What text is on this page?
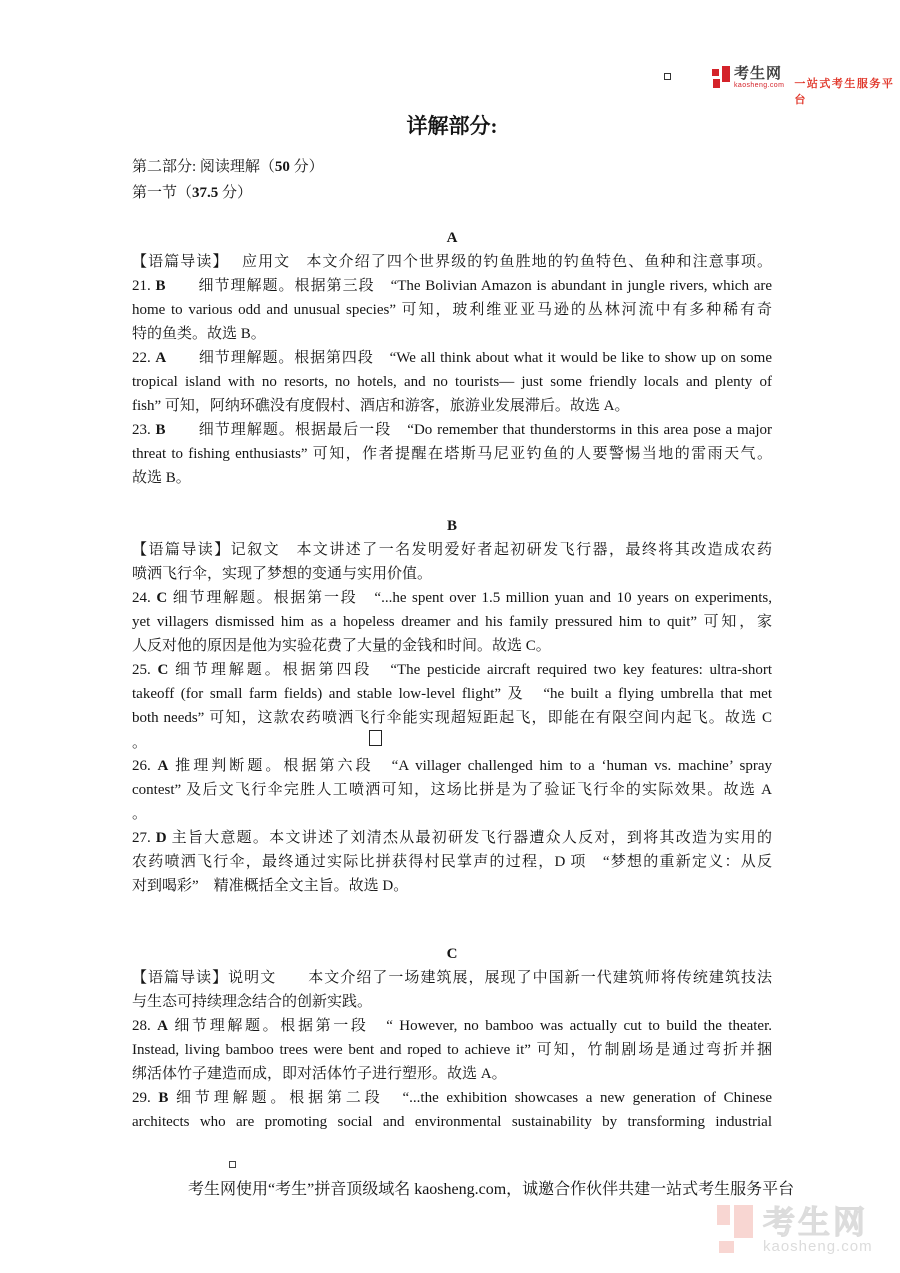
考生网
kaosheng.com 一站式考生服务平台
详解部分:
第二部分: 阅读理解（50 分）
第一节（37.5 分）
A
【语篇导读】　 应用文　本文介绍了四个世界级的钓鱼胜地的钓鱼特色、鱼种和注意事项。
21. B　　细节理解题。根据第三段　“The Bolivian Amazon is abundant in jungle rivers, which are
home to various odd and unusual species” 可知，玻利维亚亚马逊的丛林河流中有多种稀有奇
特的鱼类。故选 B。
22. A　　细节理解题。根据第四段　“We all think about what it would be like to show up on some
tropical island with no resorts, no hotels, and no tourists— just some friendly locals and plenty of
fish” 可知，阿纳环礁没有度假村、酒店和游客，旅游业发展滞后。故选 A。
23. B　　细节理解题。根据最后一段　“Do remember that thunderstorms in this area pose a major
threat to fishing enthusiasts” 可知，作者提醒在塔斯马尼亚钓鱼的人要警惕当地的雷雨天气。
故选 B。
B
【语篇导读】记叙文　本文讲述了一名发明爱好者起初研发飞行器，最终将其改造成农药
喷洒飞行伞，实现了梦想的变通与实用价值。
24. C 细节理解题。根据第一段　“...he spent over 1.5 million yuan and 10 years on experiments,
yet villagers dismissed him as a hopeless dreamer and his family pressured him to quit” 可知，家
人反对他的原因是他为实验花费了大量的金钱和时间。故选 C。
25. C 细节理解题。根据第四段　“The pesticide aircraft required two key features: ultra-short
takeoff (for small farm fields) and stable low-level flight” 及　“he built a flying umbrella that met
both needs” 可知，这款农药喷洒飞行伞能实现超短距起飞，即能在有限空间内起飞。故选 C
。
26. A 推理判断题。根据第六段　“A villager challenged him to a ‘human vs. machine’ spray
contest” 及后文飞行伞完胜人工喷洒可知，这场比拼是为了验证飞行伞的实际效果。故选 A
。
27. D 主旨大意题。本文讲述了刘清杰从最初研发飞行器遭众人反对，到将其改造为实用的
农药喷洒飞行伞，最终通过实际比拼获得村民掌声的过程，D 项　“梦想的重新定义：从反
对到喝彩”　精准概括全文主旨。故选 D。
C
【语篇导读】说明文　　本文介绍了一场建筑展，展现了中国新一代建筑师将传统建筑技法
与生态可持续理念结合的创新实践。
28. A 细节理解题。根据第一段　“ However, no bamboo was actually cut to build the theater.
Instead, living bamboo trees were bent and roped to achieve it” 可知，竹制剧场是通过弯折并捆
绑活体竹子建造而成，即对活体竹子进行塑形。故选 A。
29. B 细节理解题。根据第二段　“...the exhibition showcases a new generation of Chinese
architects who are promoting social and environmental sustainability by transforming industrial
考生网使用“考生”拼音顶级域名 kaosheng.com，诚邀合作伙伴共建一站式考生服务平台
考生网
kaosheng.com
